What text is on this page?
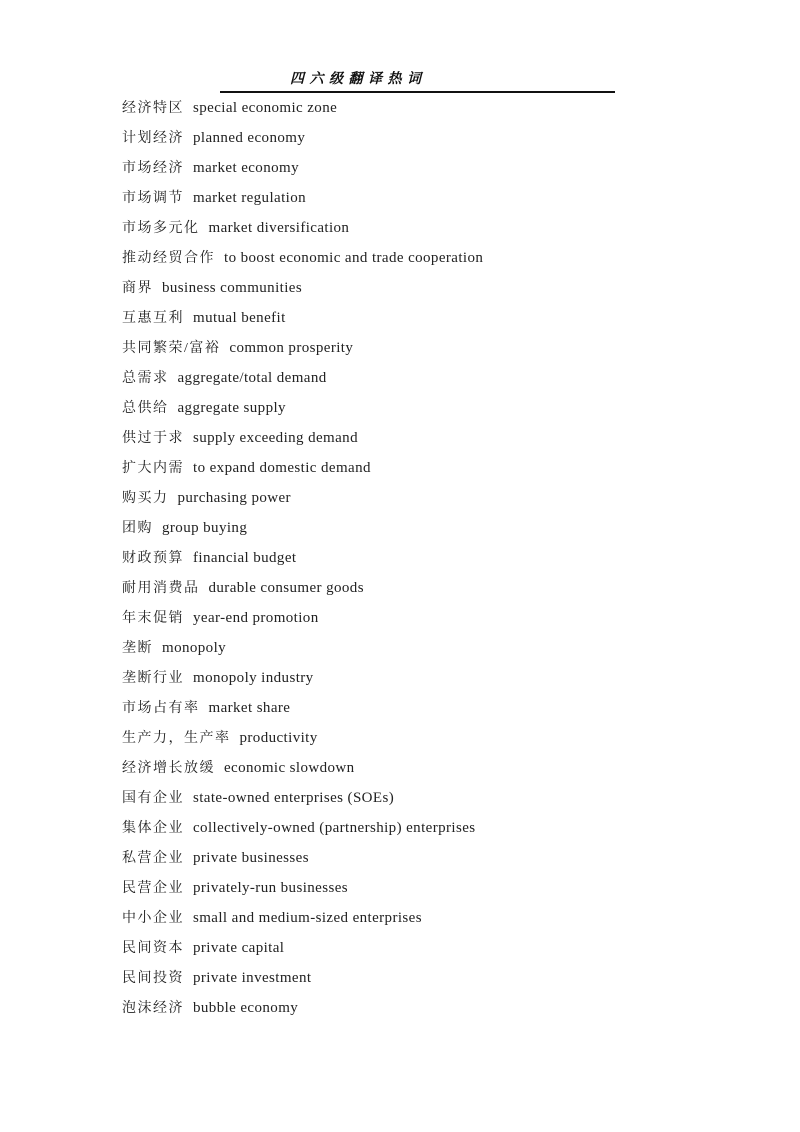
四六级翻译热词
经济特区 special economic zone
计划经济 planned economy
市场经济 market economy
市场调节 market regulation
市场多元化 market diversification
推动经贸合作 to boost economic and trade cooperation
商界 business communities
互惠互利 mutual benefit
共同繁荣/富裕 common prosperity
总需求 aggregate/total demand
总供给 aggregate supply
供过于求 supply exceeding demand
扩大内需 to expand domestic demand
购买力 purchasing power
团购 group buying
财政预算 financial budget
耐用消费品 durable consumer goods
年末促销 year-end promotion
垄断 monopoly
垄断行业 monopoly industry
市场占有率 market share
生产力，生产率 productivity
经济增长放缓 economic slowdown
国有企业 state-owned enterprises (SOEs)
集体企业 collectively-owned (partnership) enterprises
私营企业 private businesses
民营企业 privately-run businesses
中小企业 small and medium-sized enterprises
民间资本 private capital
民间投资 private investment
泡沫经济 bubble economy
